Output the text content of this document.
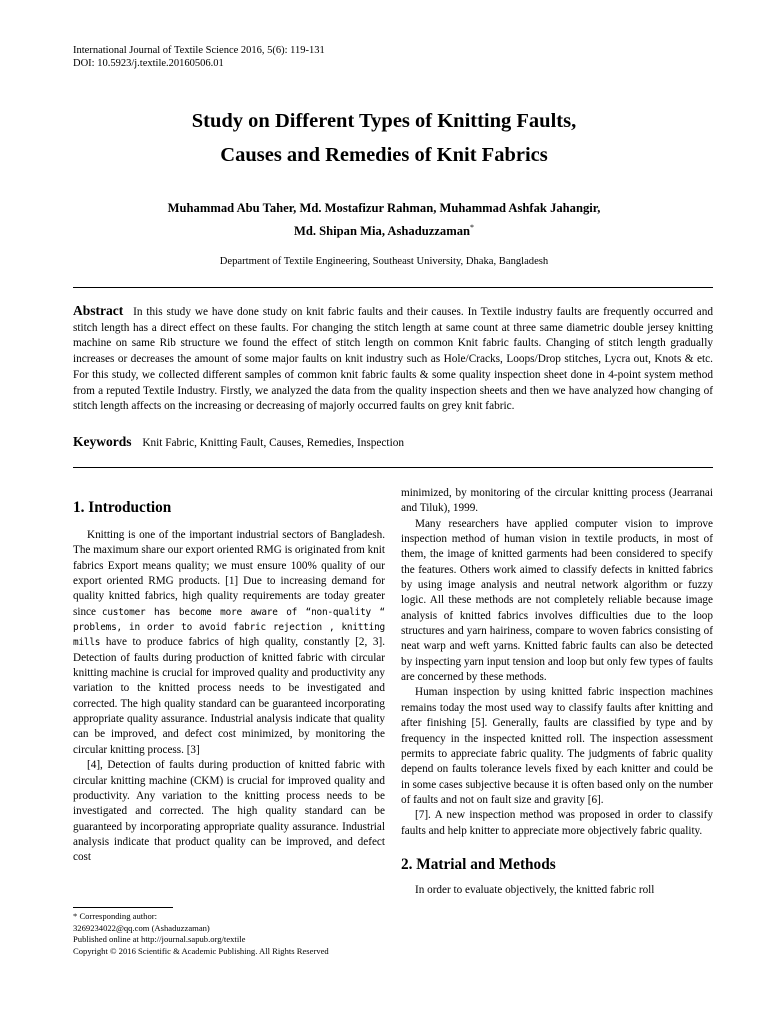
International Journal of Textile Science 2016, 5(6): 119-131
DOI: 10.5923/j.textile.20160506.01
Study on Different Types of Knitting Faults,
Causes and Remedies of Knit Fabrics
Muhammad Abu Taher, Md. Mostafizur Rahman, Muhammad Ashfak Jahangir,
Md. Shipan Mia, Ashaduzzaman*
Department of Textile Engineering, Southeast University, Dhaka, Bangladesh
Abstract In this study we have done study on knit fabric faults and their causes. In Textile industry faults are frequently occurred and stitch length has a direct effect on these faults. For changing the stitch length at same count at three same diametric double jersey knitting machine on same Rib structure we found the effect of stitch length on common Knit fabric faults. Changing of stitch length gradually increases or decreases the amount of some major faults on knit industry such as Hole/Cracks, Loops/Drop stitches, Lycra out, Knots & etc. For this study, we collected different samples of common knit fabric faults & some quality inspection sheet done in 4-point system method from a reputed Textile Industry. Firstly, we analyzed the data from the quality inspection sheets and then we have analyzed how changing of stitch length affects on the increasing or decreasing of majorly occurred faults on grey knit fabric.
Keywords Knit Fabric, Knitting Fault, Causes, Remedies, Inspection
1. Introduction

Knitting is one of the important industrial sectors of Bangladesh. The maximum share our export oriented RMG is originated from knit fabrics Export means quality; we must ensure 100% quality of our export oriented RMG products. [1] Due to increasing demand for quality knitted fabrics, high quality requirements are today greater since customer has become more aware of “non-quality “ problems, in order to avoid fabric rejection , knitting mills have to produce fabrics of high quality, constantly [2, 3]. Detection of faults during production of knitted fabric with circular knitting machine is crucial for improved quality and productivity any variation to the knitted process needs to be investigated and corrected. The high quality standard can be guaranteed incorporating appropriate quality assurance. Industrial analysis indicate that quality can be improved, and defect cost minimized, by monitoring the circular knitting process. [3]

[4], Detection of faults during production of knitted fabric with circular knitting machine (CKM) is crucial for improved quality and productivity. Any variation to the knitting process needs to be investigated and corrected. The high quality standard can be guaranteed by incorporating appropriate quality assurance. Industrial analysis indicate that product quality can be improved, and defect cost

minimized, by monitoring of the circular knitting process (Jearranai and Tiluk), 1999.

Many researchers have applied computer vision to improve inspection method of human vision in textile products, in most of them, the image of knitted garments had been considered to specify the features. Others work aimed to classify defects in knitted fabrics by using image analysis and neutral network algorithm or fuzzy logic. All these methods are not completely reliable because image analysis of knitted fabrics involves difficulties due to the loop structures and yarn hairiness, compare to woven fabrics consisting of neat warp and weft yarns. Knitted fabric faults can also be detected by inspecting yarn input tension and loop but only few types of faults are concerned by these methods.

Human inspection by using knitted fabric inspection machines remains today the most used way to classify faults after knitting and after finishing [5]. Generally, faults are classified by type and by frequency in the inspected knitted roll. The inspection assessment permits to appreciate fabric quality. The judgments of fabric quality depend on faults tolerance levels fixed by each knitter and could be in some cases subjective because it is often based only on the number of faults and not on fault size and gravity [6].

[7]. A new inspection method was proposed in order to classify faults and help knitter to appreciate more objectively fabric quality.

2. Matrial and Methods

In order to evaluate objectively, the knitted fabric roll

* Corresponding author:
3269234022@qq.com (Ashaduzzaman)
Published online at http://journal.sapub.org/textile
Copyright © 2016 Scientific & Academic Publishing. All Rights Reserved
